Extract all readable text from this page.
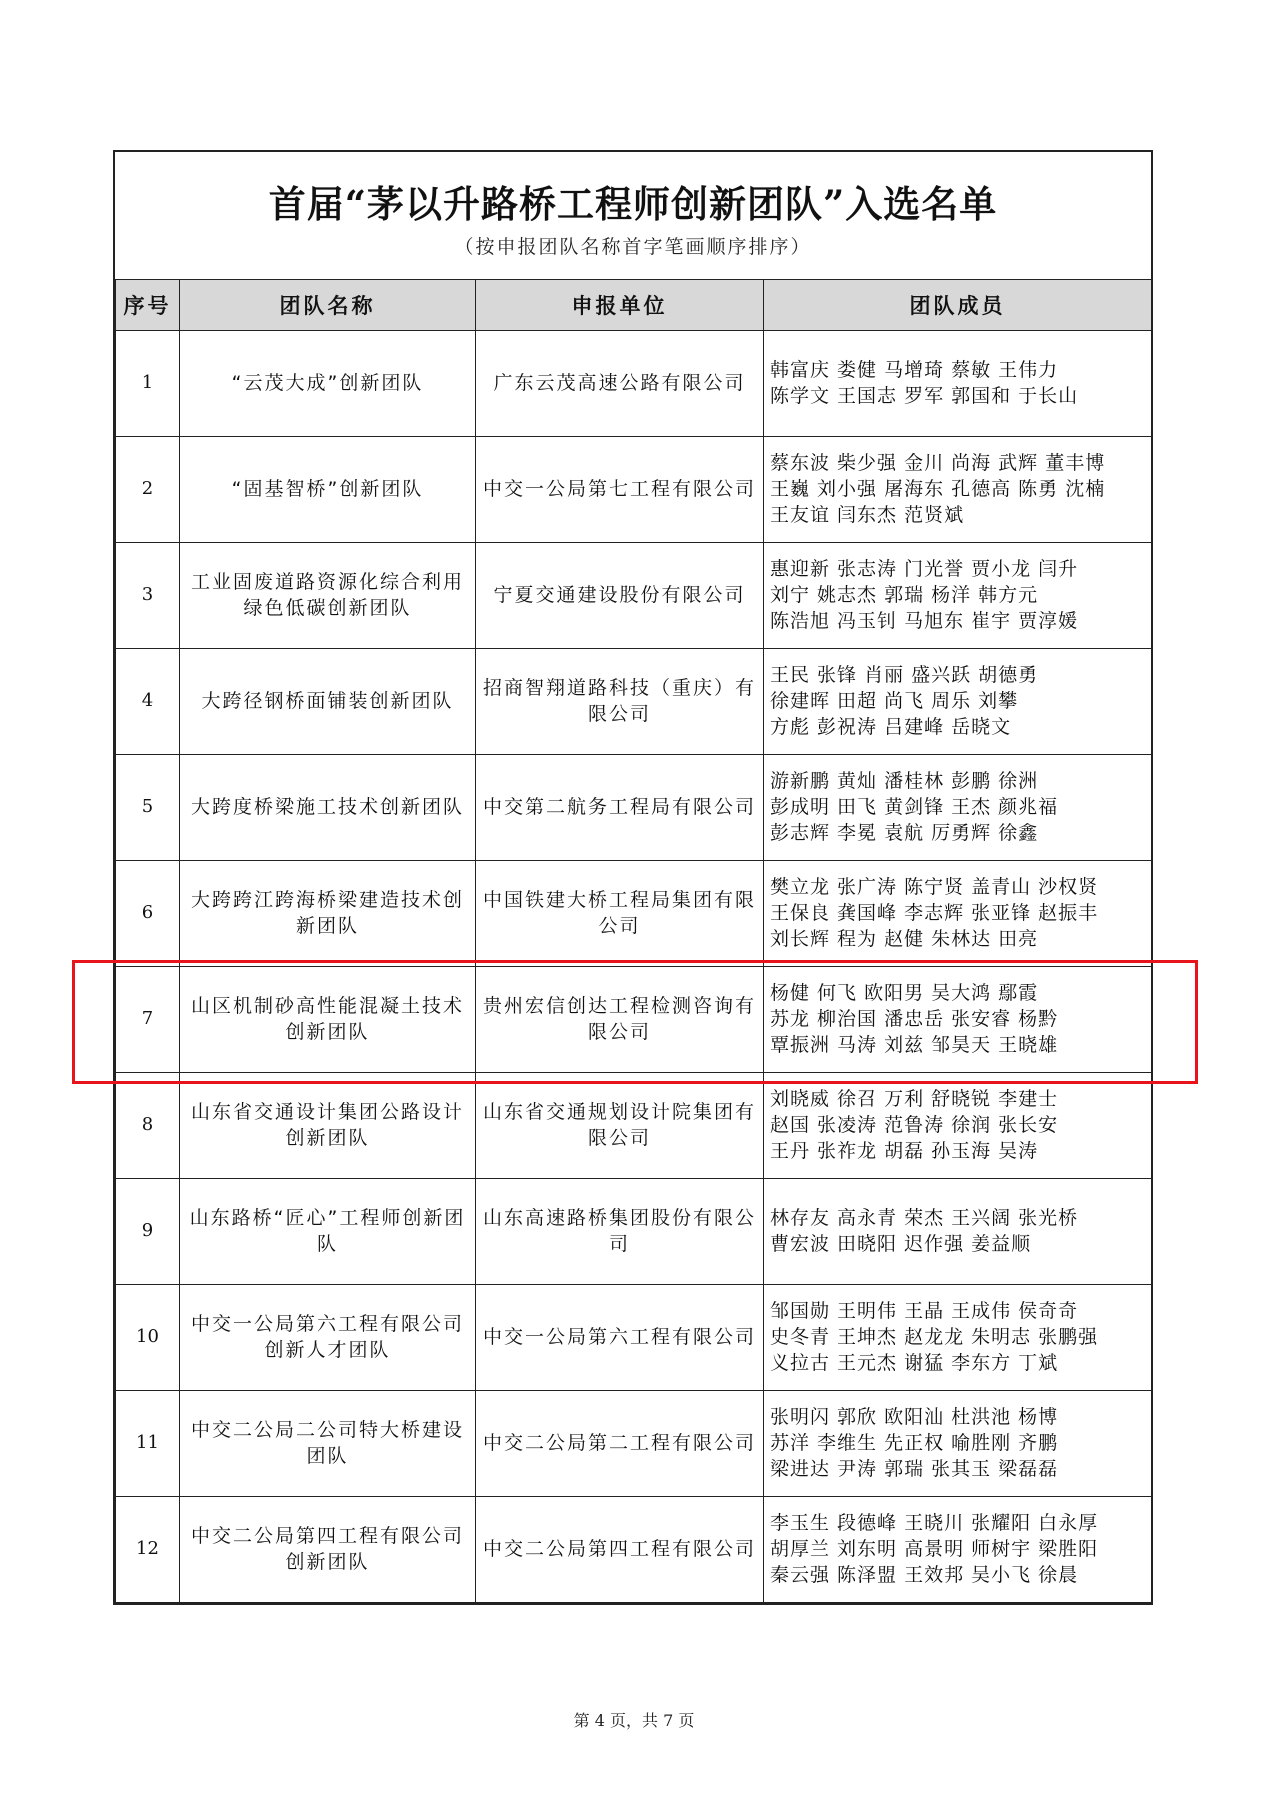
首届“茅以升路桥工程师创新团队”入选名单
（按申报团队名称首字笔画顺序排序）
序号	团队名称	申报单位	团队成员
1	“云茂大成”创新团队	广东云茂高速公路有限公司	韩富庆 娄健 马增琦 蔡敏 王伟力
陈学文 王国志 罗军 郭国和 于长山

2	“固基智桥”创新团队	中交一公局第七工程有限公司	蔡东波 柴少强 金川 尚海 武辉 董丰博
王巍 刘小强 屠海东 孔德高 陈勇 沈楠
王友谊 闫东杰 范贤斌

3	工业固废道路资源化综合利用绿色低碳创新团队	宁夏交通建设股份有限公司	惠迎新 张志涛 门光誉 贾小龙 闫升
刘宁 姚志杰 郭瑞 杨洋 韩方元
陈浩旭 冯玉钊 马旭东 崔宇 贾淳媛

4	大跨径钢桥面铺装创新团队	招商智翔道路科技（重庆）有限公司	王民 张锋 肖丽 盛兴跃 胡德勇
徐建晖 田超 尚飞 周乐 刘攀
方彪 彭祝涛 吕建峰 岳晓文

5	大跨度桥梁施工技术创新团队	中交第二航务工程局有限公司	游新鹏 黄灿 潘桂林 彭鹏 徐洲
彭成明 田飞 黄剑锋 王杰 颜兆福
彭志辉 李冕 袁航 厉勇辉 徐鑫

6	大跨跨江跨海桥梁建造技术创新团队	中国铁建大桥工程局集团有限公司	樊立龙 张广涛 陈宁贤 盖青山 沙权贤
王保良 龚国峰 李志辉 张亚锋 赵振丰
刘长辉 程为 赵健 朱林达 田亮

7	山区机制砂高性能混凝土技术创新团队	贵州宏信创达工程检测咨询有限公司	杨健 何飞 欧阳男 吴大鸿 鄢霞
苏龙 柳治国 潘忠岳 张安睿 杨黔
覃振洲 马涛 刘兹 邹昊天 王晓雄

8	山东省交通设计集团公路设计创新团队	山东省交通规划设计院集团有限公司	刘晓威 徐召 万利 舒晓锐 李建士
赵国 张凌涛 范鲁涛 徐润 张长安
王丹 张祚龙 胡磊 孙玉海 吴涛

9	山东路桥“匠心”工程师创新团队	山东高速路桥集团股份有限公司	林存友 高永青 荣杰 王兴阔 张光桥
曹宏波 田晓阳 迟作强 姜益顺

10	中交一公局第六工程有限公司创新人才团队	中交一公局第六工程有限公司	邹国勋 王明伟 王晶 王成伟 侯奇奇
史冬青 王坤杰 赵龙龙 朱明志 张鹏强
义拉古 王元杰 谢猛 李东方 丁斌

11	中交二公局二公司特大桥建设团队	中交二公局第二工程有限公司	张明闪 郭欣 欧阳汕 杜洪池 杨博
苏洋 李维生 先正权 喻胜刚 齐鹏
梁进达 尹涛 郭瑞 张其玉 梁磊磊

12	中交二公局第四工程有限公司创新团队	中交二公局第四工程有限公司	李玉生 段德峰 王晓川 张耀阳 白永厚
胡厚兰 刘东明 高景明 师树宇 梁胜阳
秦云强 陈泽盟 王效邦 吴小飞 徐晨
第 4 页，共 7 页
